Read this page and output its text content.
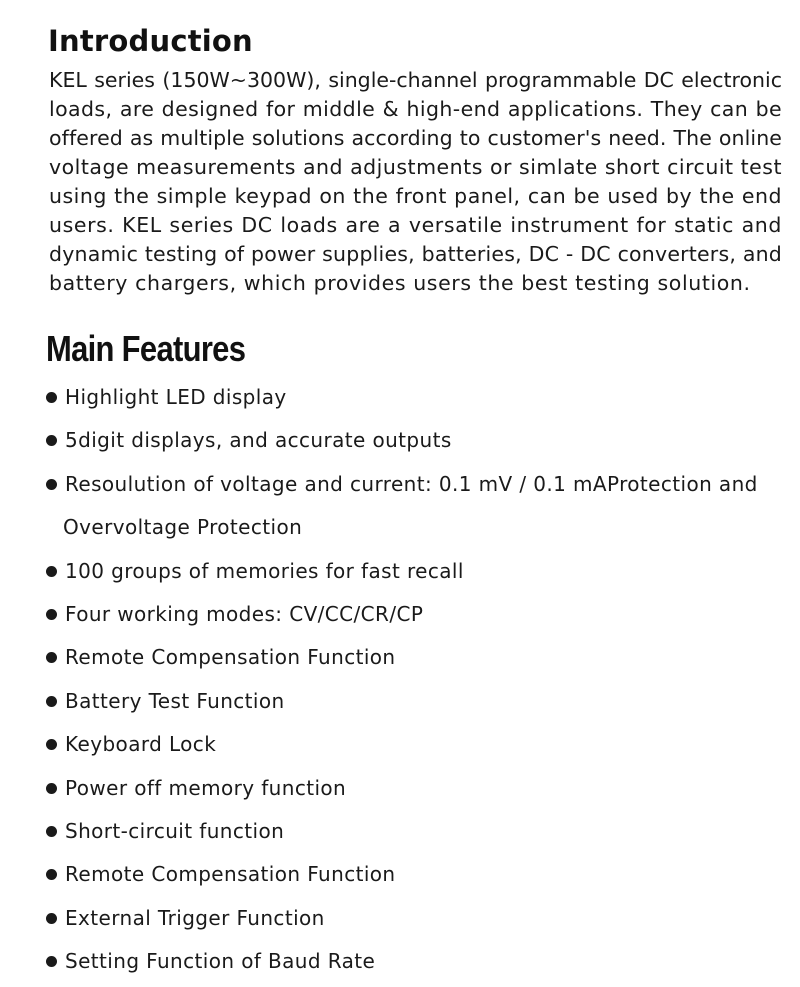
Introduction
KEL series (150W~300W), single-channel programmable DC electronic
loads, are designed for middle & high-end applications. They can be
offered as multiple solutions according to customer's need. The online
voltage measurements and adjustments or simlate short circuit test
using the simple keypad on the front panel, can be used by the end
users. KEL series DC loads are a versatile instrument for static and
dynamic testing of power supplies, batteries, DC - DC converters, and
battery chargers, which provides users the best testing solution.
Main Features
Highlight LED display
5digit displays, and accurate outputs
Resoulution of voltage and current: 0.1 mV / 0.1 mAProtection and
Overvoltage Protection
100 groups of memories for fast recall
Four working modes: CV/CC/CR/CP
Remote Compensation Function
Battery Test Function
Keyboard Lock
Power off memory function
Short-circuit function
Remote Compensation Function
External Trigger Function
Setting Function of Baud Rate
